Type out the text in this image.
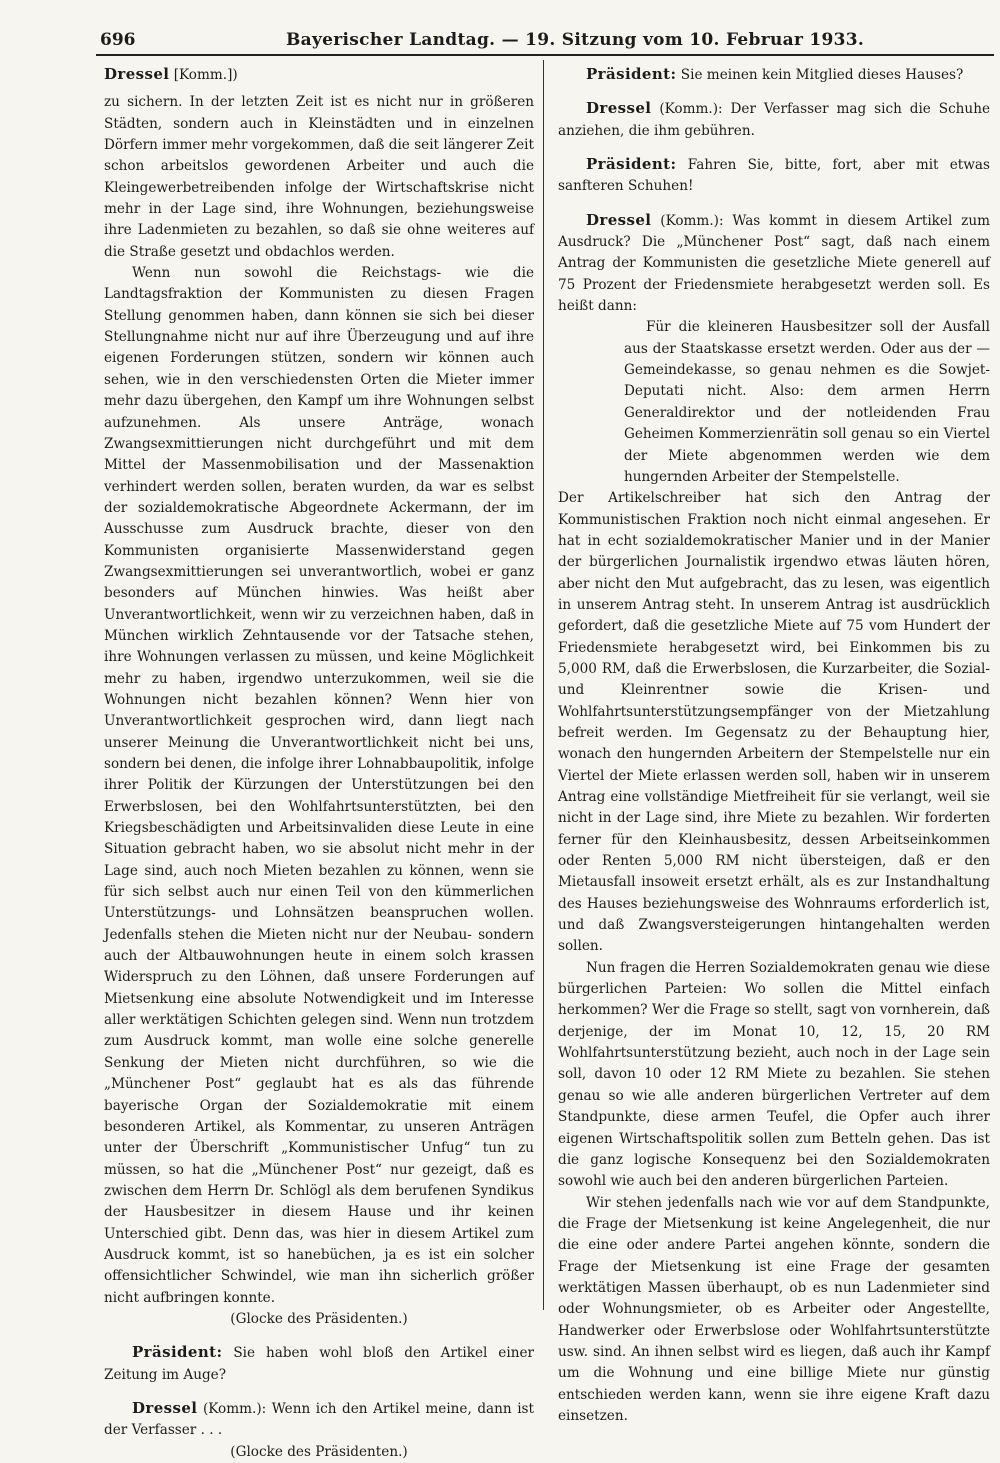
696	Bayerischer Landtag. — 19. Sitzung vom 10. Februar 1933.

Dressel [Komm.])

zu sichern. In der letzten Zeit ist es nicht nur in größeren Städten, sondern auch in Kleinstädten und in einzelnen Dörfern immer mehr vorgekommen, daß die seit längerer Zeit schon arbeitslos gewordenen Arbeiter und auch die Kleingewerbetreibenden infolge der Wirtschaftskrise nicht mehr in der Lage sind, ihre Wohnungen, beziehungsweise ihre Ladenmieten zu bezahlen, so daß sie ohne weiteres auf die Straße gesetzt und obdachlos werden.

Wenn nun sowohl die Reichstags- wie die Landtagsfraktion der Kommunisten zu diesen Fragen Stellung genommen haben, dann können sie sich bei dieser Stellungnahme nicht nur auf ihre Überzeugung und auf ihre eigenen Forderungen stützen, sondern wir können auch sehen, wie in den verschiedensten Orten die Mieter immer mehr dazu übergehen, den Kampf um ihre Wohnungen selbst aufzunehmen. Als unsere Anträge, wonach Zwangsexmittierungen nicht durchgeführt und mit dem Mittel der Massenmobilisation und der Massenaktion verhindert werden sollen, beraten wurden, da war es selbst der sozialdemokratische Abgeordnete Ackermann, der im Ausschusse zum Ausdruck brachte, dieser von den Kommunisten organisierte Massenwiderstand gegen Zwangsexmittierungen sei unverantwortlich, wobei er ganz besonders auf München hinwies. Was heißt aber Unverantwortlichkeit, wenn wir zu verzeichnen haben, daß in München wirklich Zehntausende vor der Tatsache stehen, ihre Wohnungen verlassen zu müssen, und keine Möglichkeit mehr zu haben, irgendwo unterzukommen, weil sie die Wohnungen nicht bezahlen können? Wenn hier von Unverantwortlichkeit gesprochen wird, dann liegt nach unserer Meinung die Unverantwortlichkeit nicht bei uns, sondern bei denen, die infolge ihrer Lohnabbaupolitik, infolge ihrer Politik der Kürzungen der Unterstützungen bei den Erwerbslosen, bei den Wohlfahrtsunterstützten, bei den Kriegsbeschädigten und Arbeitsinvaliden diese Leute in eine Situation gebracht haben, wo sie absolut nicht mehr in der Lage sind, auch noch Mieten bezahlen zu können, wenn sie für sich selbst auch nur einen Teil von den kümmerlichen Unterstützungs- und Lohnsätzen beanspruchen wollen. Jedenfalls stehen die Mieten nicht nur der Neubau- sondern auch der Altbauwohnungen heute in einem solch krassen Widerspruch zu den Löhnen, daß unsere Forderungen auf Mietsenkung eine absolute Notwendigkeit und im Interesse aller werktätigen Schichten gelegen sind. Wenn nun trotzdem zum Ausdruck kommt, man wolle eine solche generelle Senkung der Mieten nicht durchführen, so wie die „Münchener Post“ geglaubt hat es als das führende bayerische Organ der Sozialdemokratie mit einem besonderen Artikel, als Kommentar, zu unseren Anträgen unter der Überschrift „Kommunistischer Unfug“ tun zu müssen, so hat die „Münchener Post“ nur gezeigt, daß es zwischen dem Herrn Dr. Schlögl als dem berufenen Syndikus der Hausbesitzer in diesem Hause und ihr keinen Unterschied gibt. Denn das, was hier in diesem Artikel zum Ausdruck kommt, ist so hanebüchen, ja es ist ein solcher offensichtlicher Schwindel, wie man ihn sicherlich größer nicht aufbringen konnte.

(Glocke des Präsidenten.)

Präsident: Sie haben wohl bloß den Artikel einer Zeitung im Auge?

Dressel (Komm.): Wenn ich den Artikel meine, dann ist der Verfasser . . .

(Glocke des Präsidenten.)

Präsident: Sie meinen kein Mitglied dieses Hauses?

Dressel (Komm.): Der Verfasser mag sich die Schuhe anziehen, die ihm gebühren.

Präsident: Fahren Sie, bitte, fort, aber mit etwas sanfteren Schuhen!

Dressel (Komm.): Was kommt in diesem Artikel zum Ausdruck? Die „Münchener Post“ sagt, daß nach einem Antrag der Kommunisten die gesetzliche Miete generell auf 75 Prozent der Friedensmiete herabgesetzt werden soll. Es heißt dann:

Für die kleineren Hausbesitzer soll der Ausfall aus der Staatskasse ersetzt werden. Oder aus der — Gemeindekasse, so genau nehmen es die Sowjet-Deputati nicht. Also: dem armen Herrn Generaldirektor und der notleidenden Frau Geheimen Kommerzienrätin soll genau so ein Viertel der Miete abgenommen werden wie dem hungernden Arbeiter der Stempelstelle.

Der Artikelschreiber hat sich den Antrag der Kommunistischen Fraktion noch nicht einmal angesehen. Er hat in echt sozialdemokratischer Manier und in der Manier der bürgerlichen Journalistik irgendwo etwas läuten hören, aber nicht den Mut aufgebracht, das zu lesen, was eigentlich in unserem Antrag steht. In unserem Antrag ist ausdrücklich gefordert, daß die gesetzliche Miete auf 75 vom Hundert der Friedensmiete herabgesetzt wird, bei Einkommen bis zu 5,000 RM, daß die Erwerbslosen, die Kurzarbeiter, die Sozial- und Kleinrentner sowie die Krisen- und Wohlfahrtsunterstützungsempfänger von der Mietzahlung befreit werden. Im Gegensatz zu der Behauptung hier, wonach den hungernden Arbeitern der Stempelstelle nur ein Viertel der Miete erlassen werden soll, haben wir in unserem Antrag eine vollständige Mietfreiheit für sie verlangt, weil sie nicht in der Lage sind, ihre Miete zu bezahlen. Wir forderten ferner für den Kleinhausbesitz, dessen Arbeitseinkommen oder Renten 5,000 RM nicht übersteigen, daß er den Mietausfall insoweit ersetzt erhält, als es zur Instandhaltung des Hauses beziehungsweise des Wohnraums erforderlich ist, und daß Zwangsversteigerungen hintangehalten werden sollen.

Nun fragen die Herren Sozialdemokraten genau wie diese bürgerlichen Parteien: Wo sollen die Mittel einfach herkommen? Wer die Frage so stellt, sagt von vornherein, daß derjenige, der im Monat 10, 12, 15, 20 RM Wohlfahrtsunterstützung bezieht, auch noch in der Lage sein soll, davon 10 oder 12 RM Miete zu bezahlen. Sie stehen genau so wie alle anderen bürgerlichen Vertreter auf dem Standpunkte, diese armen Teufel, die Opfer auch ihrer eigenen Wirtschaftspolitik sollen zum Betteln gehen. Das ist die ganz logische Konsequenz bei den Sozialdemokraten sowohl wie auch bei den anderen bürgerlichen Parteien.

Wir stehen jedenfalls nach wie vor auf dem Standpunkte, die Frage der Mietsenkung ist keine Angelegenheit, die nur die eine oder andere Partei angehen könnte, sondern die Frage der Mietsenkung ist eine Frage der gesamten werktätigen Massen überhaupt, ob es nun Ladenmieter sind oder Wohnungsmieter, ob es Arbeiter oder Angestellte, Handwerker oder Erwerbslose oder Wohlfahrtsunterstützte usw. sind. An ihnen selbst wird es liegen, daß auch ihr Kampf um die Wohnung und eine billige Miete nur günstig entschieden werden kann, wenn sie ihre eigene Kraft dazu einsetzen.
